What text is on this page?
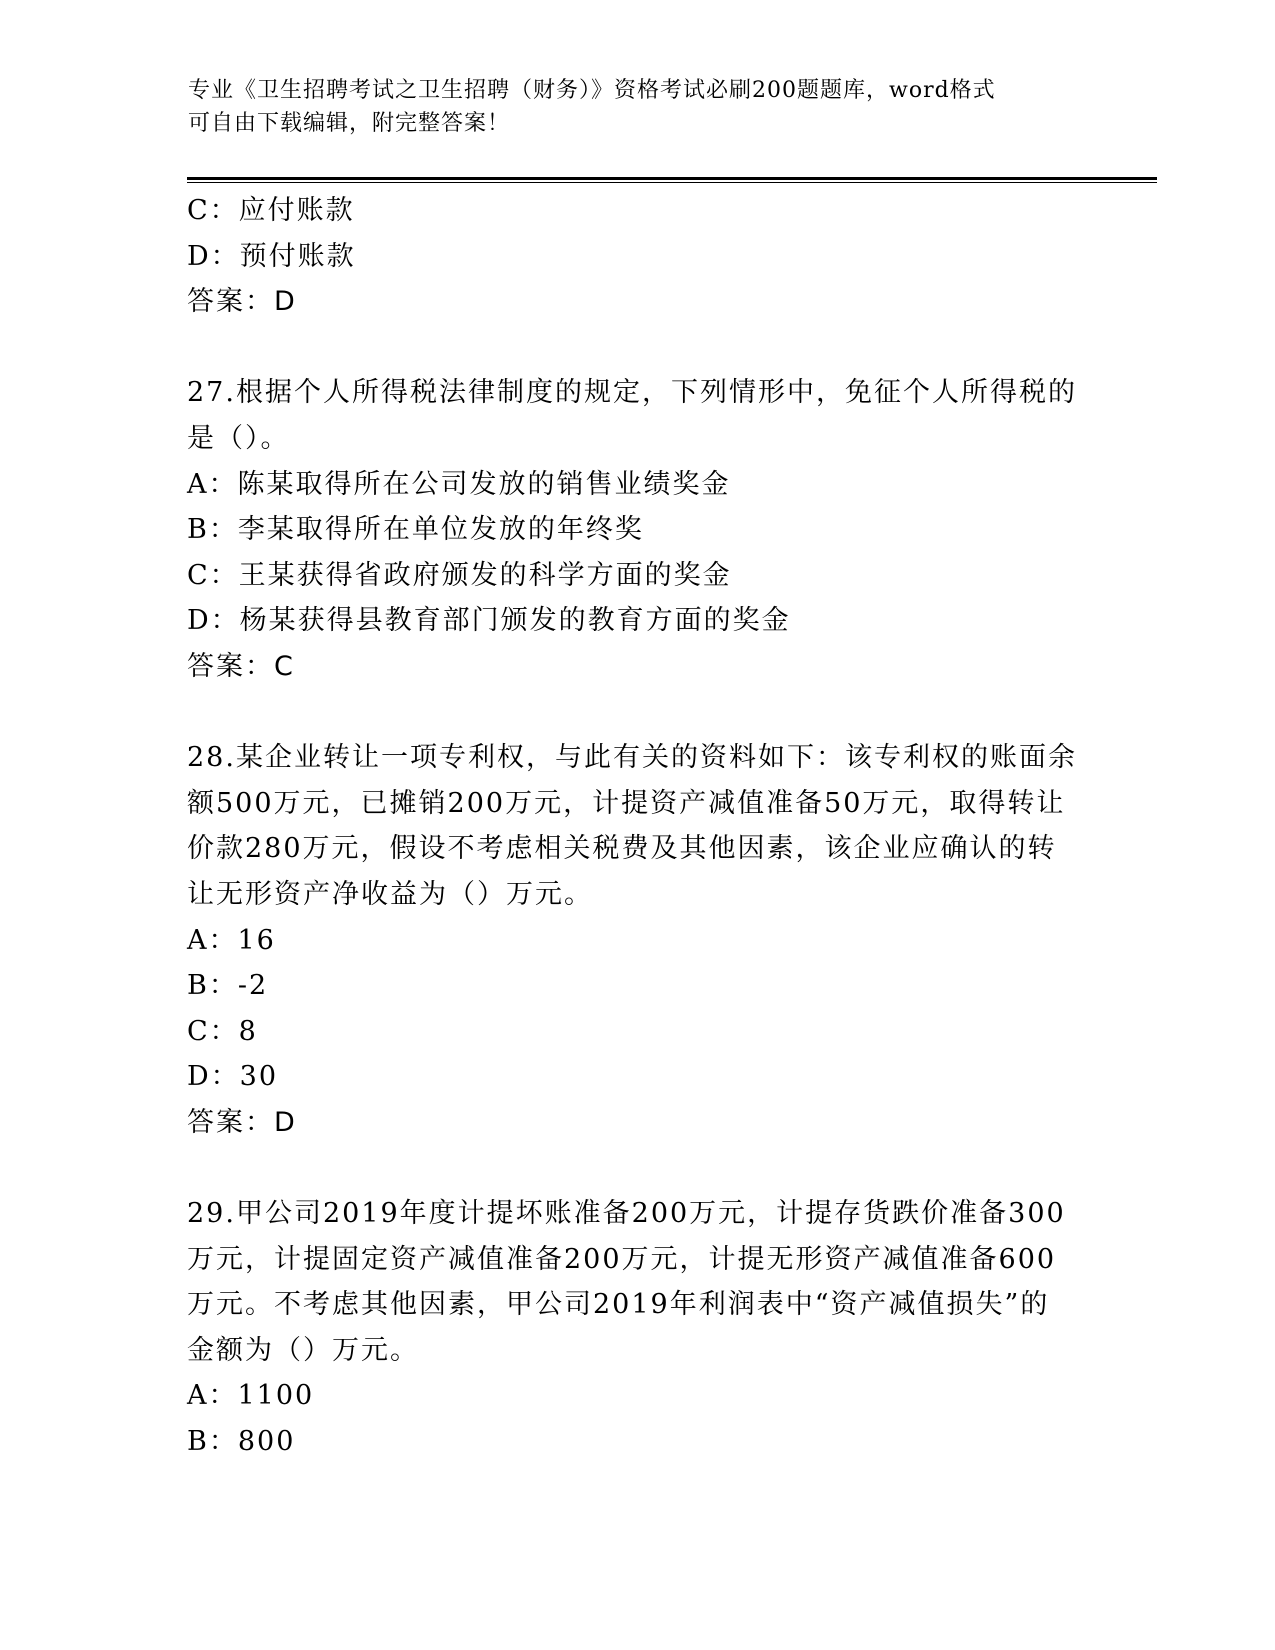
专业《卫生招聘考试之卫生招聘（财务）》资格考试必刷200题题库，word格式
可自由下载编辑，附完整答案！
C：应付账款
D：预付账款
答案：D
27.根据个人所得税法律制度的规定，下列情形中，免征个人所得税的
是（）。
A：陈某取得所在公司发放的销售业绩奖金
B：李某取得所在单位发放的年终奖
C：王某获得省政府颁发的科学方面的奖金
D：杨某获得县教育部门颁发的教育方面的奖金
答案：C
28.某企业转让一项专利权，与此有关的资料如下：该专利权的账面余
额500万元，已摊销200万元，计提资产减值准备50万元，取得转让
价款280万元，假设不考虑相关税费及其他因素，该企业应确认的转
让无形资产净收益为（）万元。
A：16
B：-2
C：8
D：30
答案：D
29.甲公司2019年度计提坏账准备200万元，计提存货跌价准备300
万元，计提固定资产减值准备200万元，计提无形资产减值准备600
万元。不考虑其他因素，甲公司2019年利润表中“资产减值损失”的
金额为（）万元。
A：1100
B：800
